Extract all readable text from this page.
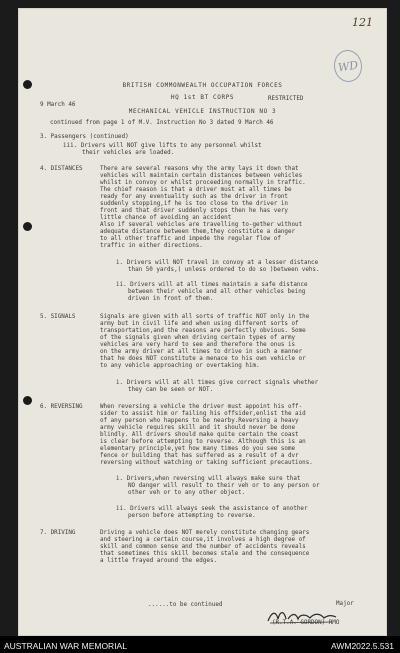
121
WD
BRITISH COMMONWEALTH OCCUPATION FORCES
HQ 1st BT CORPS	RESTRICTED
9 March 46
MECHANICAL VEHICLE INSTRUCTION NO 3
continued from page 1 of M.V. Instruction No 3 dated 9 March 46
3. Passengers (continued)
iii. Drivers will NOT give lifts to any personnel whilst
their vehicles are loaded.
4. DISTANCES	There are several reasons why the army lays it down that
vehicles will maintain certain distances between vehicles
whilst in convoy or whilst proceeding normally in traffic.
The chief reason is that a driver must at all times be
ready for any eventuality such as the driver in front
suddenly stopping,if he is too close to the driver in
front and that driver suddenly stops then he has very
little chance of avoiding an accident
Also if several vehicles are travelling to-gether without
adequate distance between them,they constitute a danger
to all other traffic and impede the regular flow of
traffic in either directions.
i. Drivers will NOT travel in convoy at a lesser distance
than 50 yards,( unless ordered to do so )between vehs.
ii. Drivers will at all times maintain a safe distance
between their vehicle and all other vehicles being
driven in front of them.
5. SIGNALS	Signals are given with all sorts of traffic NOT only in the
army but in civil life and when using different sorts of
transportation,and the reasons are perfectly obvious. Some
of the signals given when driving certain types of army
vehicles are very hard to see and therefore the onus is
on the army driver at all times to drive in such a manner
that he does NOT constitute a menace to his own vehicle or
to any vehicle approaching or overtaking him.
i. Drivers will at all times give correct signals whether
they can be seen or NOT.
6. REVERSING	When reversing a vehicle the driver must appoint his off-
sider to assist him or failing his offsider,enlist the aid
of any person who happens to be nearby.Reversing a heavy
army vehicle requires skill and it should never be done
blindly. All drivers should make quite certain the coast
is clear before attempting to reverse. Although this is an
elementary principle,yet how many times do you see some
fence or building that has suffered as a result of a dvr
reversing without watching or taking sufficient precautions.
i. Drivers,when reversing will always make sure that
NO danger will result to their veh or to any person or
other veh or to any other object.
ii. Drivers will always seek the assistance of another
person before attempting to reverse.
7. DRIVING	Driving a vehicle does NOT merely constitute changing gears
and steering a certain course,it involves a high degree of
skill and common sense and the number of accidents reveals
that sometimes this skill becomes stale and the consequence
a little frayed around the edges.
......to be continued	Major
(R.T.A. GORDON) RMO
AUSTRALIAN WAR MEMORIAL	AWM2022.5.531
